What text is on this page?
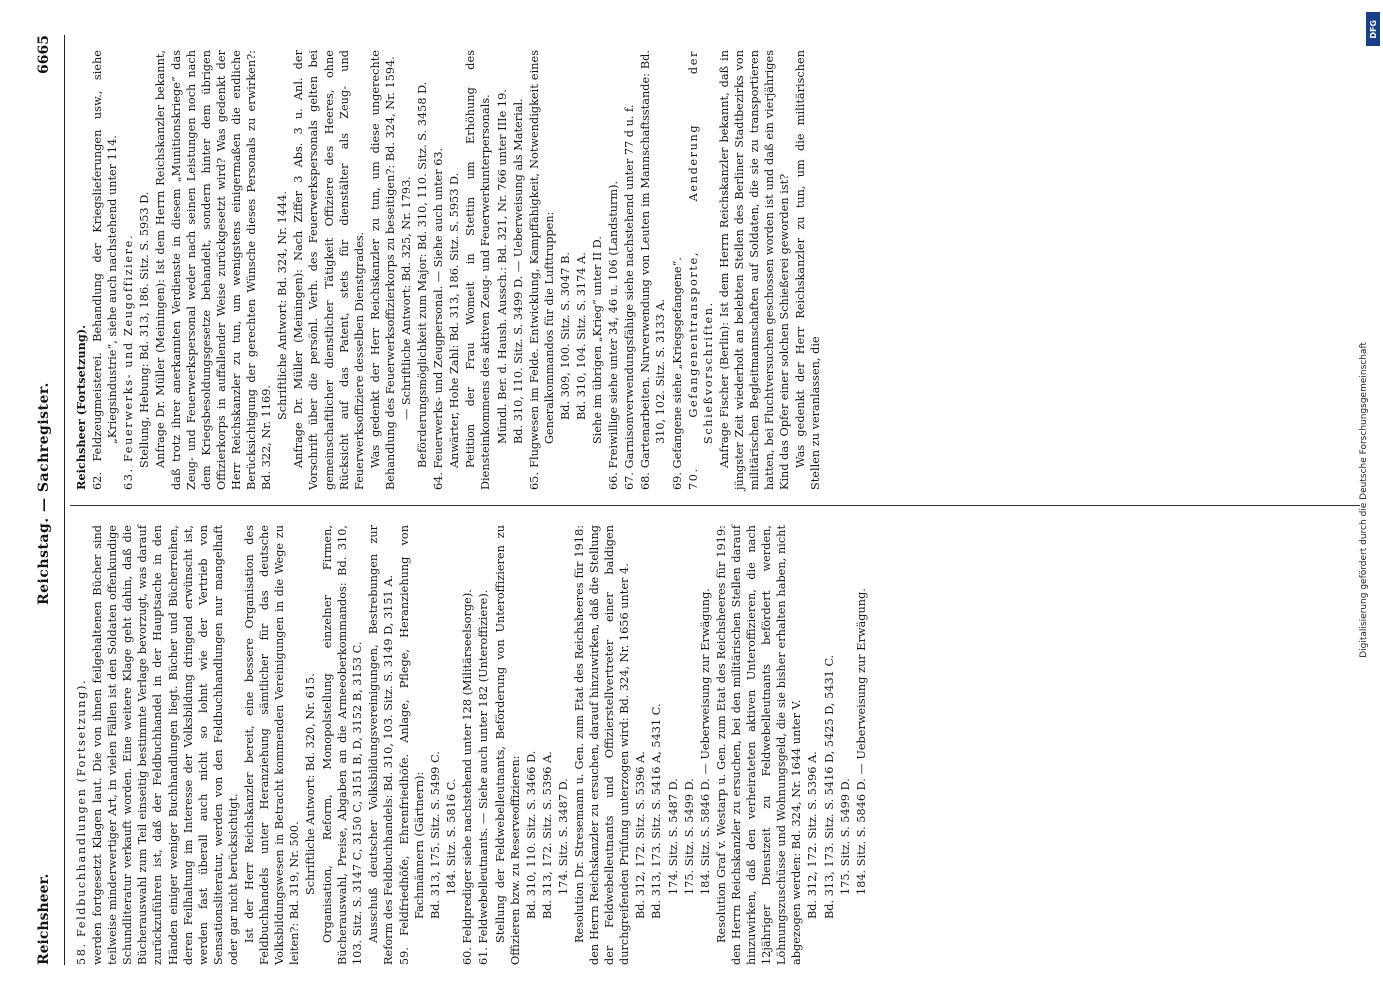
Reichsheer.
Reichstag. — Sachregister.
6665

58. Feldbuchhandlungen (Fortsetzung). werden fortgesetzt Klagen laut. Die von ihnen feilgehaltenen Bücher sind teilweise minderwertiger Art, in vielen Fällen ist den Soldaten offenkundige Schundliteratur verkauft worden. Eine weitere Klage geht dahin, daß die Bücherauswahl zum Teil einseitig bestimmte Verlage bevorzugt, was darauf zurückzuführen ist, daß der Feldbuchhandel in der Hauptsache in den Händen einiger weniger Buchhandlungen liegt. Bücher und Bücherreihen, deren Feilhaltung im Interesse der Volksbildung dringend erwünscht ist, werden fast überall auch nicht so lohnt wie der Vertrieb von Sensationsliteratur, werden von den Feldbuchhandlungen nur mangelhaft oder gar nicht berücksichtigt. Ist der Herr Reichskanzler bereit, eine bessere Organisation des Feldbuchhandels unter Heranziehung sämtlicher für das deutsche Volksbildungswesen in Betracht kommenden Vereinigungen in die Wege zu leiten?: Bd. 319, Nr. 500. Schriftliche Antwort: Bd. 320, Nr. 615. Organisation, Reform, Monopolstellung einzelner Firmen, Bücherauswahl, Preise, Abgaben an die Armeeoberkommandos: Bd. 310, 103. Sitz. S. 3147 C, 3150 C, 3151 B, D, 3152 B, 3153 C. Ausschuß deutscher Volksbildungsvereinigungen, Bestrebungen zur Reform des Feldbuchhandels: Bd. 310, 103. Sitz. S. 3149 D, 3151 A. 59. Feldfriedhöfe, Ehrenfriedhöfe. Anlage, Pflege, Heranziehung von Fachmännern (Gärtnern): Bd. 313, 175. Sitz. S. 5499 C. 184. Sitz. S. 5816 C. 60. Feldprediger siehe nachstehend unter 128 (Militärseelsorge). 61. Feldwebelleutnants. — Siehe auch unter 182 (Unteroffiziere). Stellung der Feldwebelleutnants, Beförderung von Unteroffizieren zu Offizieren bzw. zu Reserveoffizieren: Bd. 310, 110. Sitz. S. 3466 D. Bd. 313, 172. Sitz. S. 5396 A. 174. Sitz. S. 3487 D. Resolution Dr. Stresemann u. Gen. zum Etat des Reichsheeres für 1918: den Herrn Reichskanzler zu ersuchen, darauf hinzuwirken, daß die Stellung der Feldwebelleutnants und Offizierstellvertreter einer baldigen durchgreifenden Prüfung unterzogen wird: Bd. 324, Nr. 1656 unter 4. Bd. 312, 172. Sitz. S. 5396 A. Bd. 313, 173. Sitz. S. 5416 A, 5431 C. 174. Sitz. S. 5487 D. 175. Sitz. S. 5499 D. 184. Sitz. S. 5846 D. — Ueberweisung zur Erwägung. Resolution Graf v. Westarp u. Gen. zum Etat des Reichsheeres für 1919: den Herrn Reichskanzler zu ersuchen, bei den militärischen Stellen darauf hinzuwirken, daß den verheirateten aktiven Unteroffizieren, die nach 12jähriger Dienstzeit zu Feldwebelleutnants befördert werden, Löhnungszuschüsse und Wohnungsgeld, die sie bisher erhalten haben, nicht abgezogen werden: Bd. 324, Nr. 1644 unter V. Bd. 312, 172. Sitz. S. 5396 A. Bd. 313, 173. Sitz. S. 5416 D, 5425 D, 5431 C. 175. Sitz. S. 5499 D. 184. Sitz. S. 5846 D. — Ueberweisung zur Erwägung.

Reichsheer (Fortsetzung). 62. Feldzeugmeisterei. Behandlung der Kriegslieferungen usw., siehe „Kriegsindustrie“, siehe auch nachstehend unter 114. 63. Feuerwerks- und Zeugoffiziere. Stellung, Hebung: Bd. 313, 186. Sitz. S. 5953 D. Anfrage Dr. Müller (Meiningen): Ist dem Herrn Reichskanzler bekannt, daß trotz ihrer anerkannten Verdienste in diesem „Munitionskriege“ das Zeug- und Feuerwerkspersonal weder nach seinen Leistungen noch nach dem Kriegsbesoldungsgesetze behandelt, sondern hinter dem übrigen Offizierkorps in auffallender Weise zurückgesetzt wird? Was gedenkt der Herr Reichskanzler zu tun, um wenigstens einigermaßen die endliche Berücksichtigung der gerechten Wünsche dieses Personals zu erwirken?: Bd. 322, Nr. 1169.

Schriftliche Antwort: Bd. 324, Nr. 1444. Anfrage Dr. Müller (Meiningen): Nach Ziffer 3 Abs. 3 u. Anl. der Vorschrift über die persönl. Verh. des Feuerwerkspersonals gelten bei gemeinschaftlicher dienstlicher Tätigkeit Offiziere des Heeres, ohne Rücksicht auf das Patent, stets für dienstälter als Zeug- und Feuerwerksoffiziere desselben Dienstgrades. Was gedenkt der Herr Reichskanzler zu tun, um diese ungerechte Behandlung des Feuerwerksoffizierkorps zu beseitigen?: Bd. 324, Nr. 1594. — Schriftliche Antwort: Bd. 325, Nr. 1793. Beförderungsmöglichkeit zum Major: Bd. 310, 110. Sitz. S. 3458 D. 64. Feuerwerks- und Zeugpersonal. — Siehe auch unter 63. Anwärter, Hohe Zahl: Bd. 313, 186. Sitz. S. 5953 D. Petition der Frau Womeit in Stettin um Erhöhung des Diensteinkommens des aktiven Zeug- und Feuerwerkunterpersonals. Mündl. Ber. d. Haush. Aussch.: Bd. 321, Nr. 766 unter IIIe 19. Bd. 310, 110. Sitz. S. 3499 D. — Ueberweisung als Material. 65. Flugwesen im Felde. Entwicklung, Kampffähigkeit, Notwendigkeit eines Generalkommandos für die Lufttruppen: Bd. 309, 100. Sitz. S. 3047 B. Bd. 310, 104. Sitz. S. 3174 A. Siehe im übrigen „Krieg“ unter II D. 66. Freiwillige siehe unter 34, 46 u. 106 (Landsturm). 67. Garnisonverwendungsfähige siehe nachstehend unter 77 d u. f. 68. Gartenarbeiten. Nurverwendung von Leuten im Mannschaftsstande: Bd. 310, 102. Sitz. S. 3133 A. 69. Gefangene siehe „Kriegsgefangene“. 70. Gefangenentransporte, Aenderung der Schießvorschriften. Anfrage Fischer (Berlin): Ist dem Herrn Reichskanzler bekannt, daß in jüngster Zeit wiederholt an belebten Stellen des Berliner Stadtbezirks von militärischen Begleitmannschaften auf Soldaten, die sie zu transportieren hatten, bei Fluchtversuchen geschossen worden ist und daß ein vierjähriges Kind das Opfer einer solchen Schießerei geworden ist? Was gedenkt der Herr Reichskanzler zu tun, um die militärischen Stellen zu veranlassen, die	Digitalisierung gefördert durch die Deutsche Forschungsgemeinschaft
DFG
